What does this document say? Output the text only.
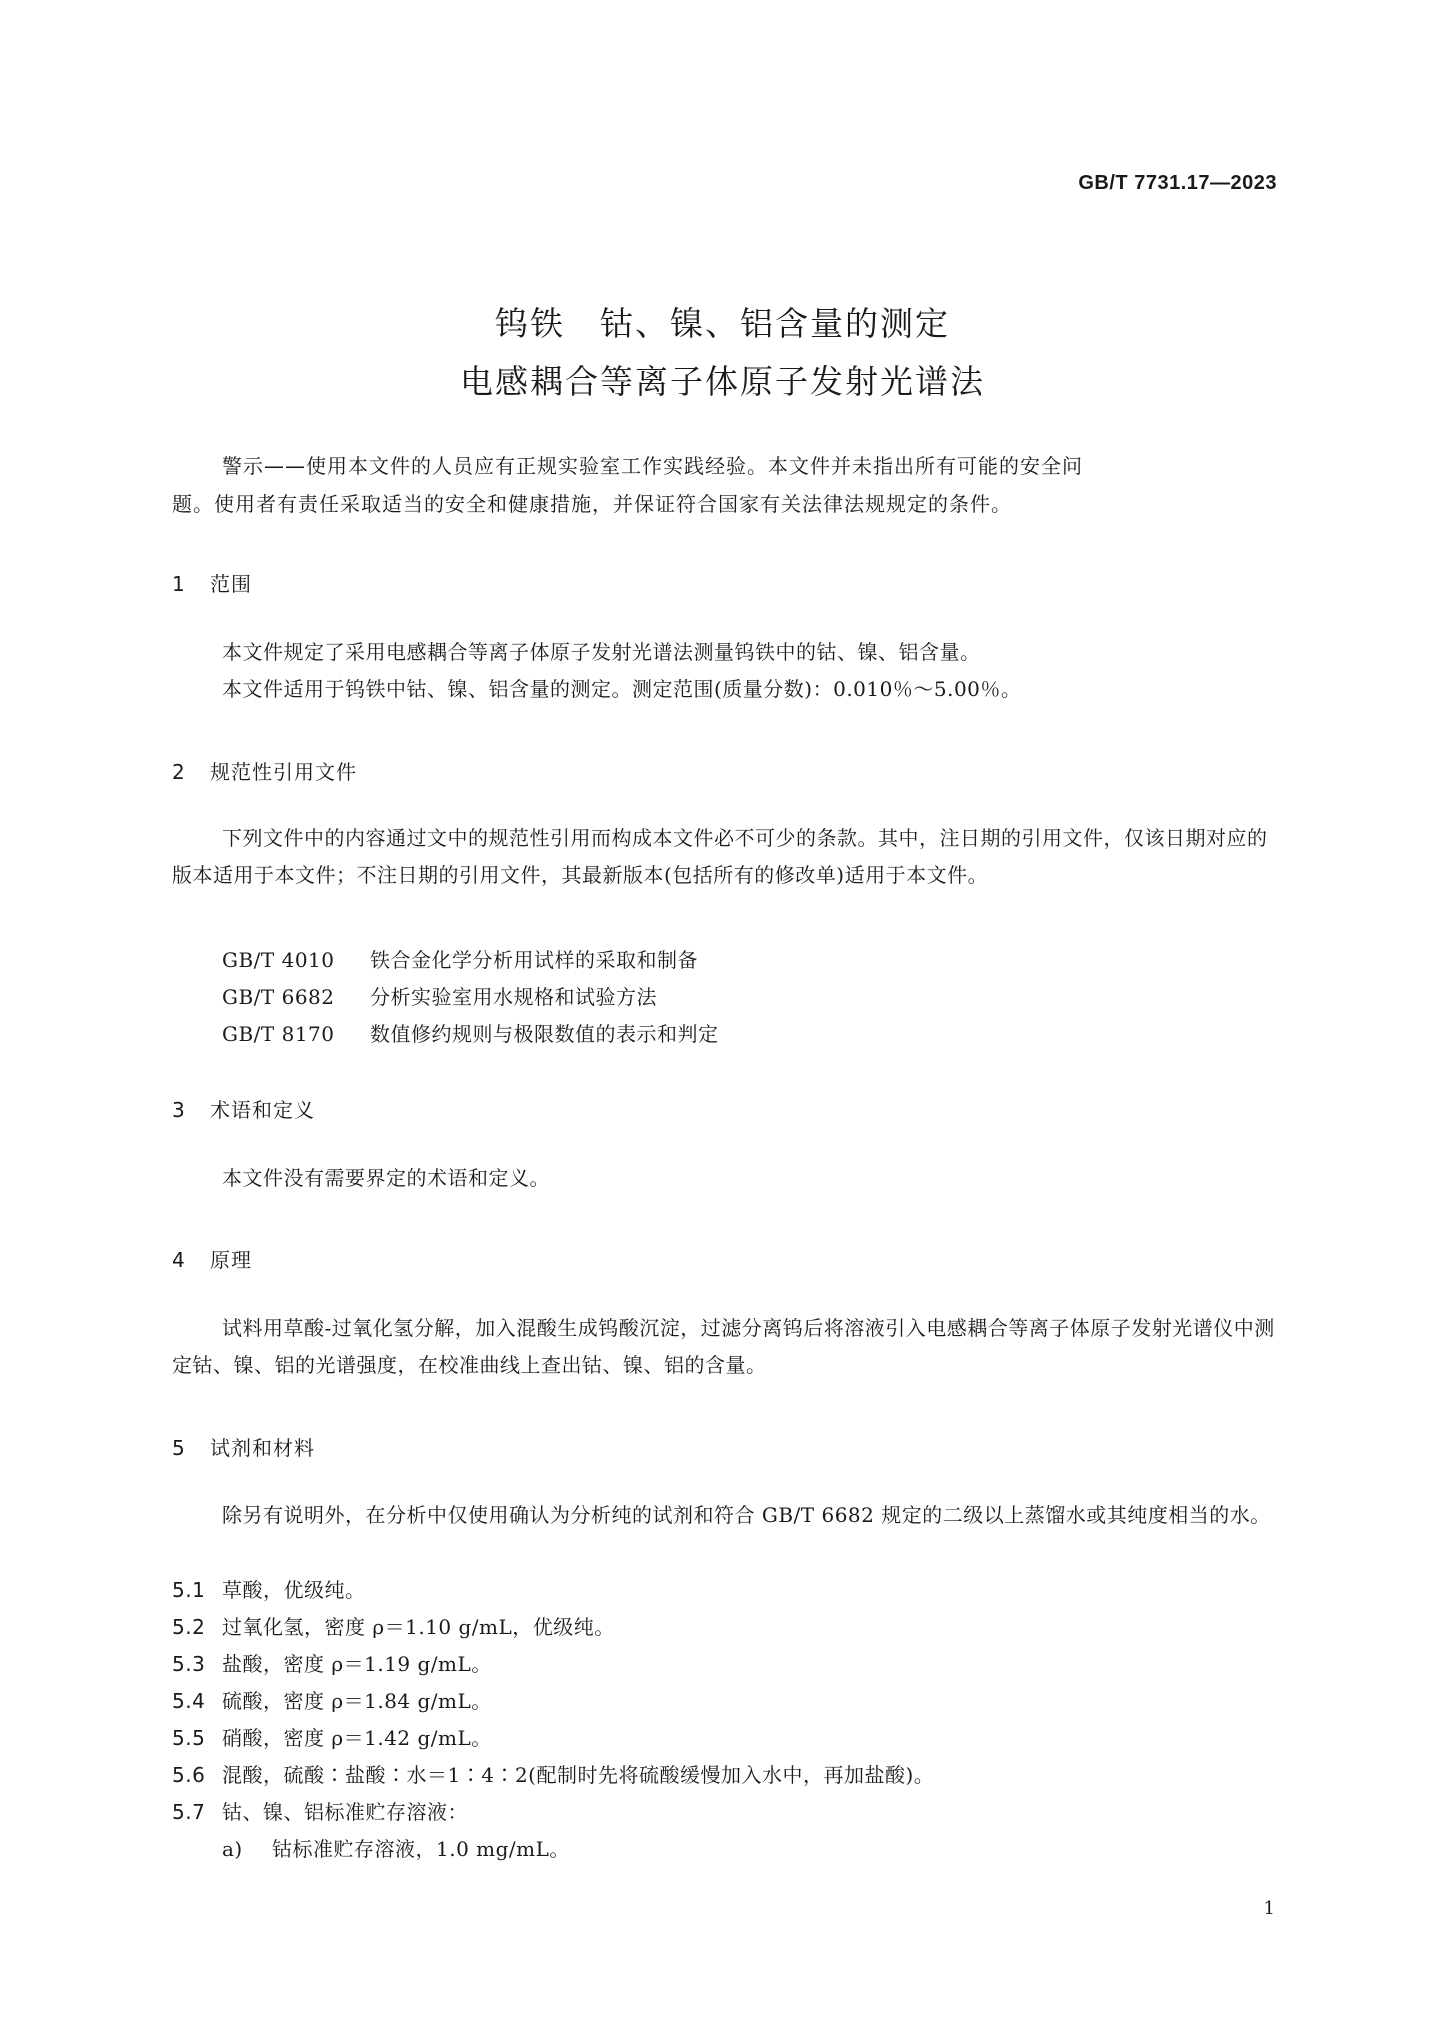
GB/T 7731.17—2023
钨铁　钴、镍、铝含量的测定
电感耦合等离子体原子发射光谱法
警示——使用本文件的人员应有正规实验室工作实践经验。本文件并未指出所有可能的安全问
题。使用者有责任采取适当的安全和健康措施，并保证符合国家有关法律法规规定的条件。
1 范围

本文件规定了采用电感耦合等离子体原子发射光谱法测量钨铁中的钴、镍、铝含量。

本文件适用于钨铁中钴、镍、铝含量的测定。测定范围(质量分数)：0.010％～5.00％。

2 规范性引用文件

下列文件中的内容通过文中的规范性引用而构成本文件必不可少的条款。其中，注日期的引用文件，仅该日期对应的版本适用于本文件；不注日期的引用文件，其最新版本(包括所有的修改单)适用于本文件。

GB/T 4010 铁合金化学分析用试样的采取和制备
GB/T 6682 分析实验室用水规格和试验方法
GB/T 8170 数值修约规则与极限数值的表示和判定
3 术语和定义

本文件没有需要界定的术语和定义。

4 原理

试料用草酸-过氧化氢分解，加入混酸生成钨酸沉淀，过滤分离钨后将溶液引入电感耦合等离子体原子发射光谱仪中测定钴、镍、铝的光谱强度，在校准曲线上查出钴、镍、铝的含量。

5 试剂和材料

除另有说明外，在分析中仅使用确认为分析纯的试剂和符合 GB/T 6682 规定的二级以上蒸馏水或其纯度相当的水。

5.1 草酸，优级纯。
5.2 过氧化氢，密度 ρ＝1.10 g/mL，优级纯。
5.3 盐酸，密度 ρ＝1.19 g/mL。
5.4 硫酸，密度 ρ＝1.84 g/mL。
5.5 硝酸，密度 ρ＝1.42 g/mL。
5.6 混酸，硫酸∶盐酸∶水＝1∶4∶2(配制时先将硫酸缓慢加入水中，再加盐酸)。
5.7 钴、镍、铝标准贮存溶液：
a) 钴标准贮存溶液，1.0 mg/mL。
1
